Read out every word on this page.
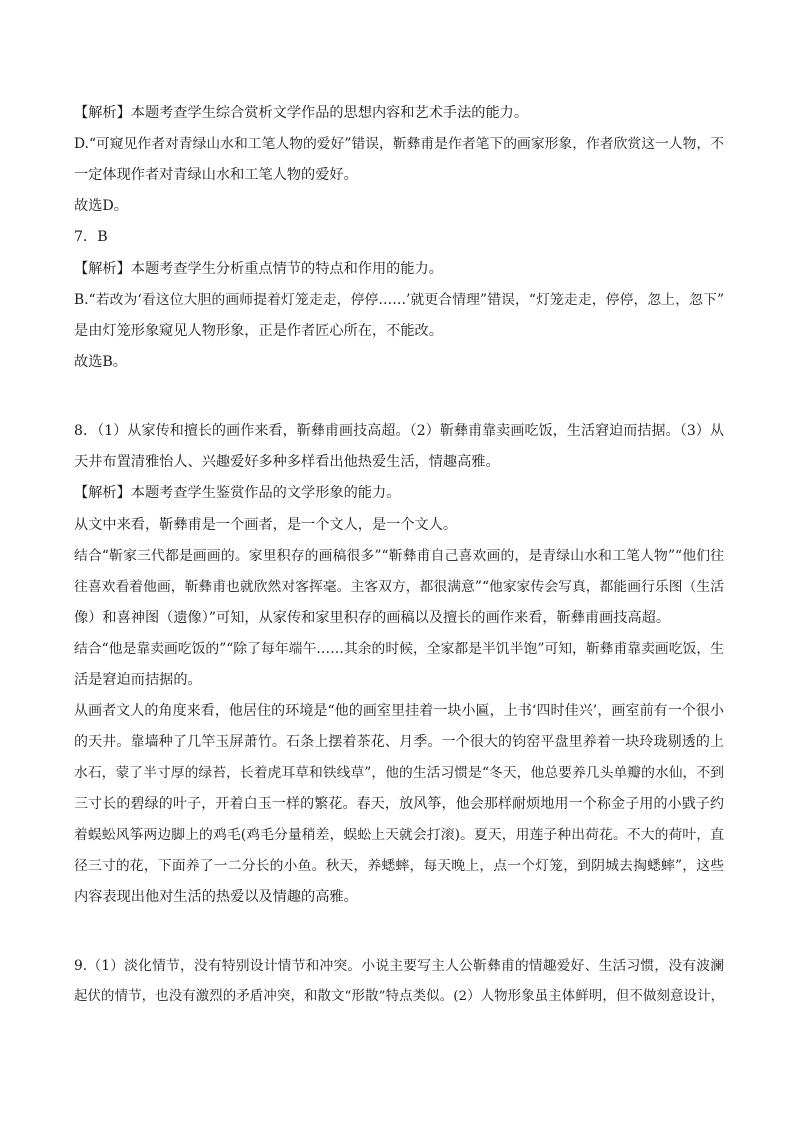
【解析】本题考查学生综合赏析文学作品的思想内容和艺术手法的能力。
D.“可窥见作者对青绿山水和工笔人物的爱好”错误，靳彝甫是作者笔下的画家形象，作者欣赏这一人物，不
一定体现作者对青绿山水和工笔人物的爱好。
故选D。
7．B
【解析】本题考查学生分析重点情节的特点和作用的能力。
B.“若改为‘看这位大胆的画师提着灯笼走走，停停……’就更合情理”错误，“灯笼走走，停停，忽上，忽下”
是由灯笼形象窥见人物形象，正是作者匠心所在，不能改。
故选B。
8．（1）从家传和擅长的画作来看，靳彝甫画技高超。（2）靳彝甫靠卖画吃饭，生活窘迫而拮据。（3）从
天井布置清雅怡人、兴趣爱好多种多样看出他热爱生活，情趣高雅。
【解析】本题考查学生鉴赏作品的文学形象的能力。
从文中来看，靳彝甫是一个画者，是一个文人，是一个文人。
结合“靳家三代都是画画的。家里积存的画稿很多”“靳彝甫自己喜欢画的，是青绿山水和工笔人物”“他们往
往喜欢看着他画，靳彝甫也就欣然对客挥毫。主客双方，都很满意”“他家家传会写真，都能画行乐图（生活
像）和喜神图（遗像）”可知，从家传和家里积存的画稿以及擅长的画作来看，靳彝甫画技高超。
结合“他是靠卖画吃饭的”“除了每年端午……其余的时候，全家都是半饥半饱”可知，靳彝甫靠卖画吃饭，生
活是窘迫而拮据的。
从画者文人的角度来看，他居住的环境是“他的画室里挂着一块小匾，上书‘四时佳兴’，画室前有一个很小
的天井。靠墙种了几竿玉屏萧竹。石条上摆着茶花、月季。一个很大的钧窑平盘里养着一块玲珑剔透的上
水石，蒙了半寸厚的绿苔，长着虎耳草和铁线草”，他的生活习惯是“冬天，他总要养几头单瓣的水仙，不到
三寸长的碧绿的叶子，开着白玉一样的繁花。春天，放风筝，他会那样耐烦地用一个称金子用的小戥子约
着蜈蚣风筝两边脚上的鸡毛(鸡毛分量稍差，蜈蚣上天就会打滚)。夏天，用莲子种出荷花。不大的荷叶，直
径三寸的花，下面养了一二分长的小鱼。秋天，养蟋蟀，每天晚上，点一个灯笼，到阴城去掏蟋蟀”，这些
内容表现出他对生活的热爱以及情趣的高雅。
9.（1）淡化情节，没有特别设计情节和冲突。小说主要写主人公靳彝甫的情趣爱好、生活习惯，没有波澜
起伏的情节，也没有激烈的矛盾冲突，和散文“形散”特点类似。(2）人物形象虽主体鲜明，但不做刻意设计，
